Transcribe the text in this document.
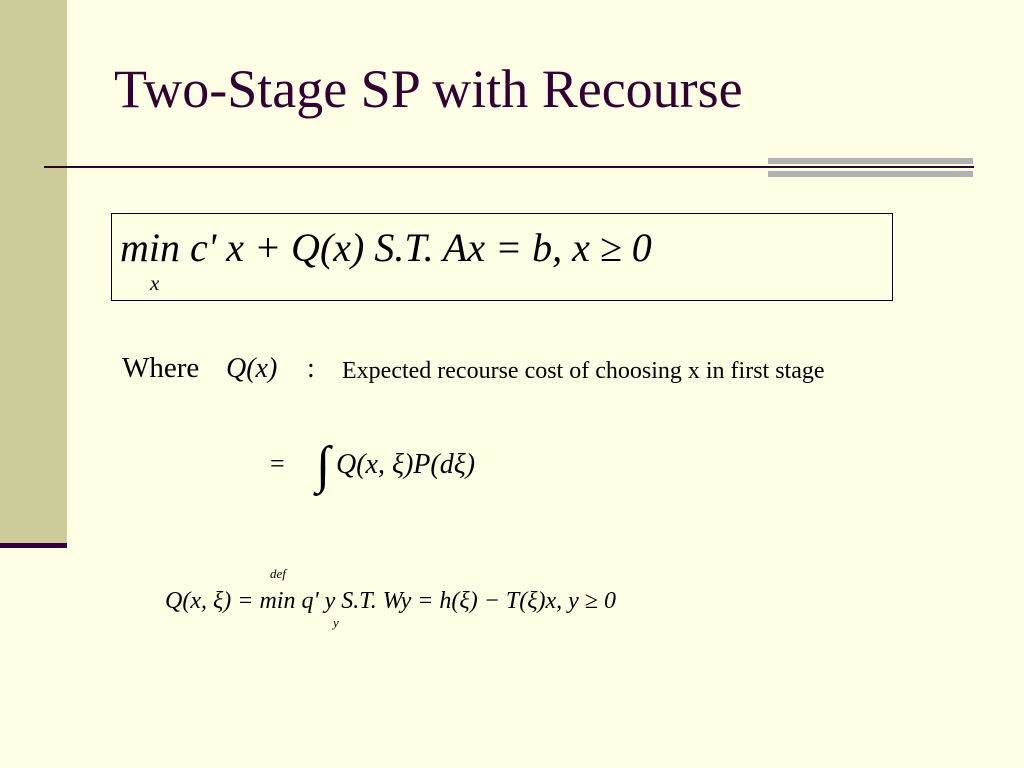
Two-Stage SP with Recourse
min c' x + Q(x) S.T. Ax = b, x ≥ 0
x
Where Q(x) : Expected recourse cost of choosing x in first stage
= ∫ Q(x, ξ)P(dξ)
def
Q(x, ξ) = min q' y S.T. Wy = h(ξ) − T(ξ)x, y ≥ 0
y
